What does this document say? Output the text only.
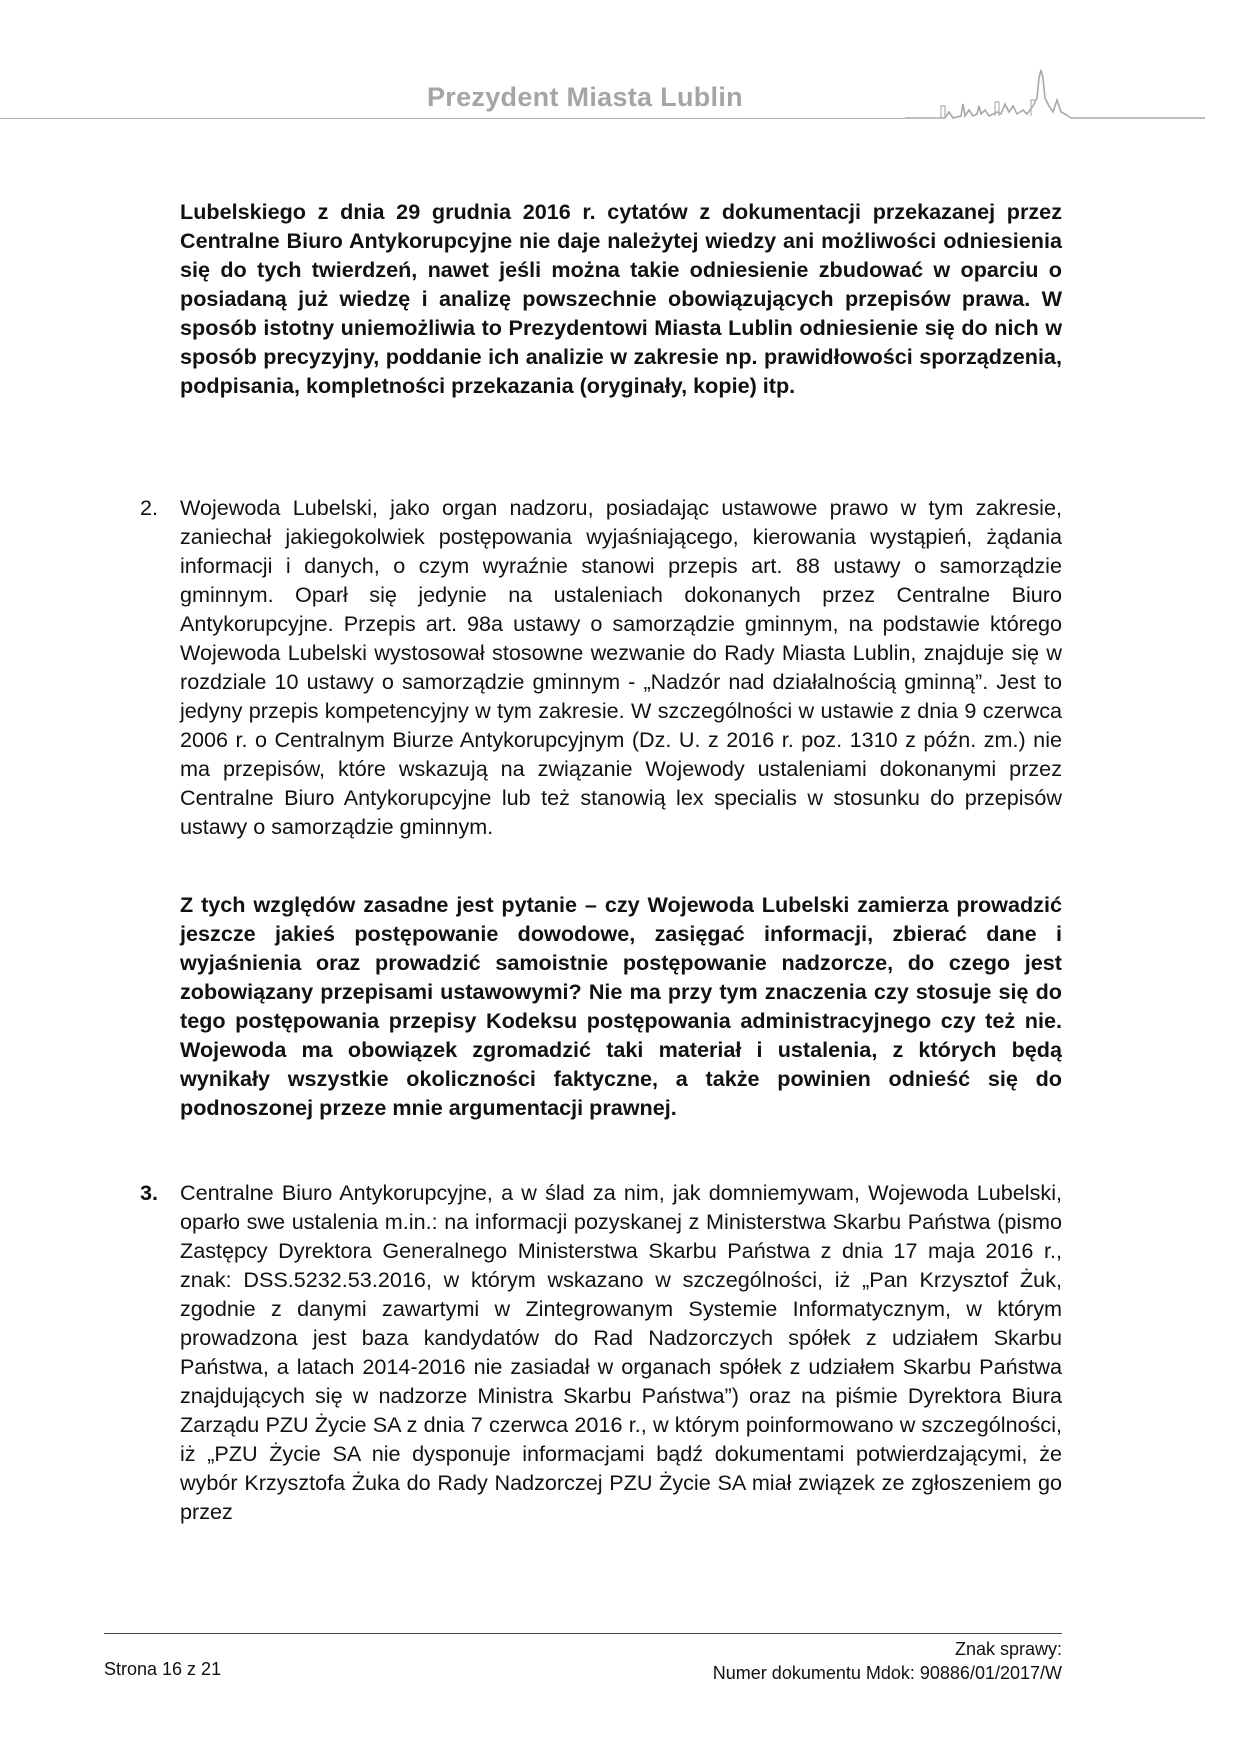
Prezydent Miasta Lublin

Lubelskiego z dnia 29 grudnia 2016 r. cytatów z dokumentacji przekazanej przez Centralne Biuro Antykorupcyjne nie daje należytej wiedzy ani możliwości odniesienia się do tych twierdzeń, nawet jeśli można takie odniesienie zbudować w oparciu o posiadaną już wiedzę i analizę powszechnie obowiązujących przepisów prawa. W sposób istotny uniemożliwia to Prezydentowi Miasta Lublin odniesienie się do nich w sposób precyzyjny, poddanie ich analizie w zakresie np. prawidłowości sporządzenia, podpisania, kompletności przekazania (oryginały, kopie) itp.

2. Wojewoda Lubelski, jako organ nadzoru, posiadając ustawowe prawo w tym zakresie, zaniechał jakiegokolwiek postępowania wyjaśniającego, kierowania wystąpień, żądania informacji i danych, o czym wyraźnie stanowi przepis art. 88 ustawy o samorządzie gminnym. Oparł się jedynie na ustaleniach dokonanych przez Centralne Biuro Antykorupcyjne. Przepis art. 98a ustawy o samorządzie gminnym, na podstawie którego Wojewoda Lubelski wystosował stosowne wezwanie do Rady Miasta Lublin, znajduje się w rozdziale 10 ustawy o samorządzie gminnym - „Nadzór nad działalnością gminną”. Jest to jedyny przepis kompetencyjny w tym zakresie. W szczególności w ustawie z dnia 9 czerwca 2006 r. o Centralnym Biurze Antykorupcyjnym (Dz. U. z 2016 r. poz. 1310 z późn. zm.) nie ma przepisów, które wskazują na związanie Wojewody ustaleniami dokonanymi przez Centralne Biuro Antykorupcyjne lub też stanowią lex specialis w stosunku do przepisów ustawy o samorządzie gminnym.

Z tych względów zasadne jest pytanie – czy Wojewoda Lubelski zamierza prowadzić jeszcze jakieś postępowanie dowodowe, zasięgać informacji, zbierać dane i wyjaśnienia oraz prowadzić samoistnie postępowanie nadzorcze, do czego jest zobowiązany przepisami ustawowymi? Nie ma przy tym znaczenia czy stosuje się do tego postępowania przepisy Kodeksu postępowania administracyjnego czy też nie. Wojewoda ma obowiązek zgromadzić taki materiał i ustalenia, z których będą wynikały wszystkie okoliczności faktyczne, a także powinien odnieść się do podnoszonej przeze mnie argumentacji prawnej.

3. Centralne Biuro Antykorupcyjne, a w ślad za nim, jak domniemywam, Wojewoda Lubelski, oparło swe ustalenia m.in.: na informacji pozyskanej z Ministerstwa Skarbu Państwa (pismo Zastępcy Dyrektora Generalnego Ministerstwa Skarbu Państwa z dnia 17 maja 2016 r., znak: DSS.5232.53.2016, w którym wskazano w szczególności, iż „Pan Krzysztof Żuk, zgodnie z danymi zawartymi w Zintegrowanym Systemie Informatycznym, w którym prowadzona jest baza kandydatów do Rad Nadzorczych spółek z udziałem Skarbu Państwa, a latach 2014-2016 nie zasiadał w organach spółek z udziałem Skarbu Państwa znajdujących się w nadzorze Ministra Skarbu Państwa”) oraz na piśmie Dyrektora Biura Zarządu PZU Życie SA z dnia 7 czerwca 2016 r., w którym poinformowano w szczególności, iż „PZU Życie SA nie dysponuje informacjami bądź dokumentami potwierdzającymi, że wybór Krzysztofa Żuka do Rady Nadzorczej PZU Życie SA miał związek ze zgłoszeniem go przez

Strona 16 z 21
Znak sprawy:
Numer dokumentu Mdok: 90886/01/2017/W
